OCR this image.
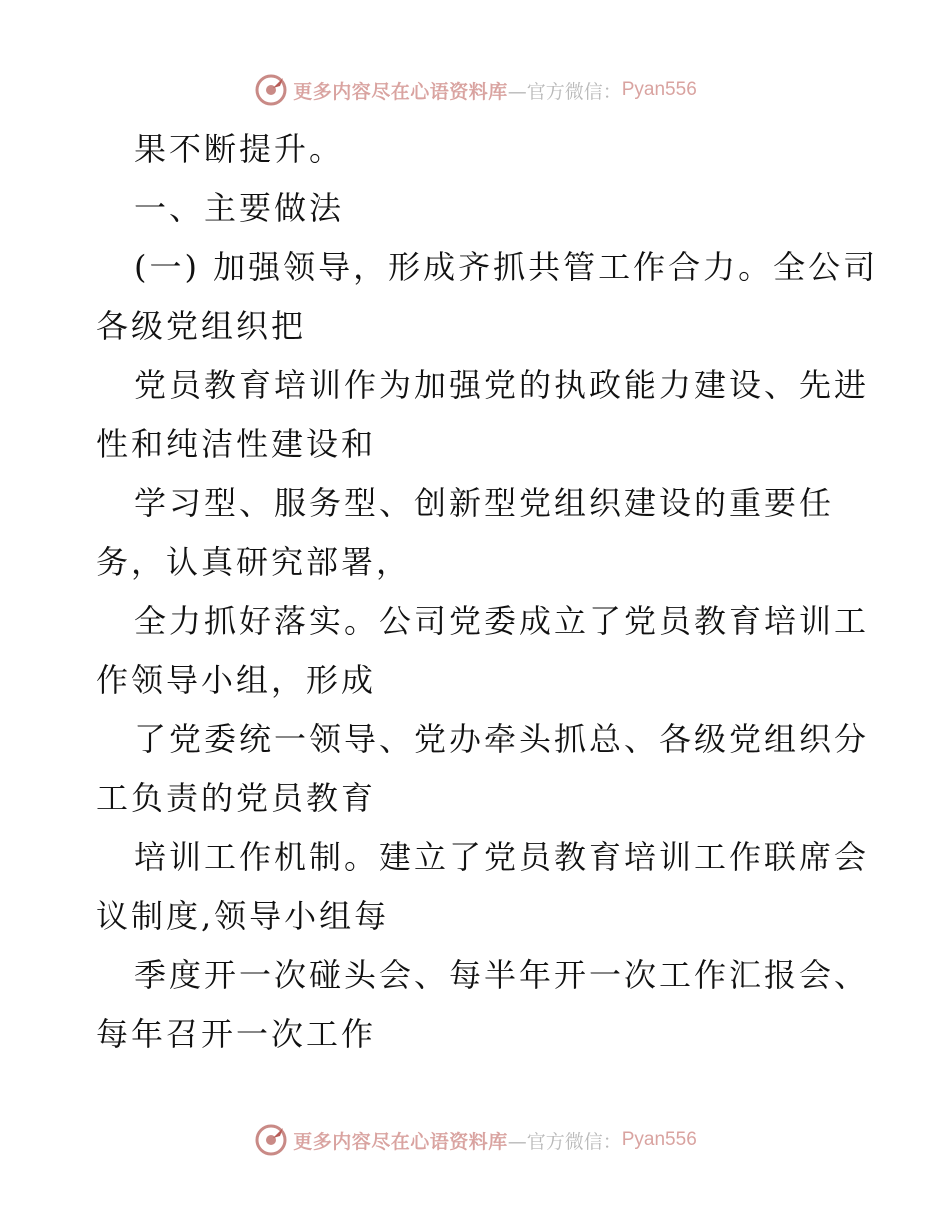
更多内容尽在心语资料库 —官方微信： Pyan556
果不断提升。
一、主要做法
(一) 加强领导，形成齐抓共管工作合力。全公司
各级党组织把
党员教育培训作为加强党的执政能力建设、先进
性和纯洁性建设和
学习型、服务型、创新型党组织建设的重要任
务，认真研究部署，
全力抓好落实。公司党委成立了党员教育培训工
作领导小组，形成
了党委统一领导、党办牵头抓总、各级党组织分
工负责的党员教育
培训工作机制。建立了党员教育培训工作联席会
议制度,领导小组每
季度开一次碰头会、每半年开一次工作汇报会、
每年召开一次工作
更多内容尽在心语资料库 —官方微信： Pyan556
